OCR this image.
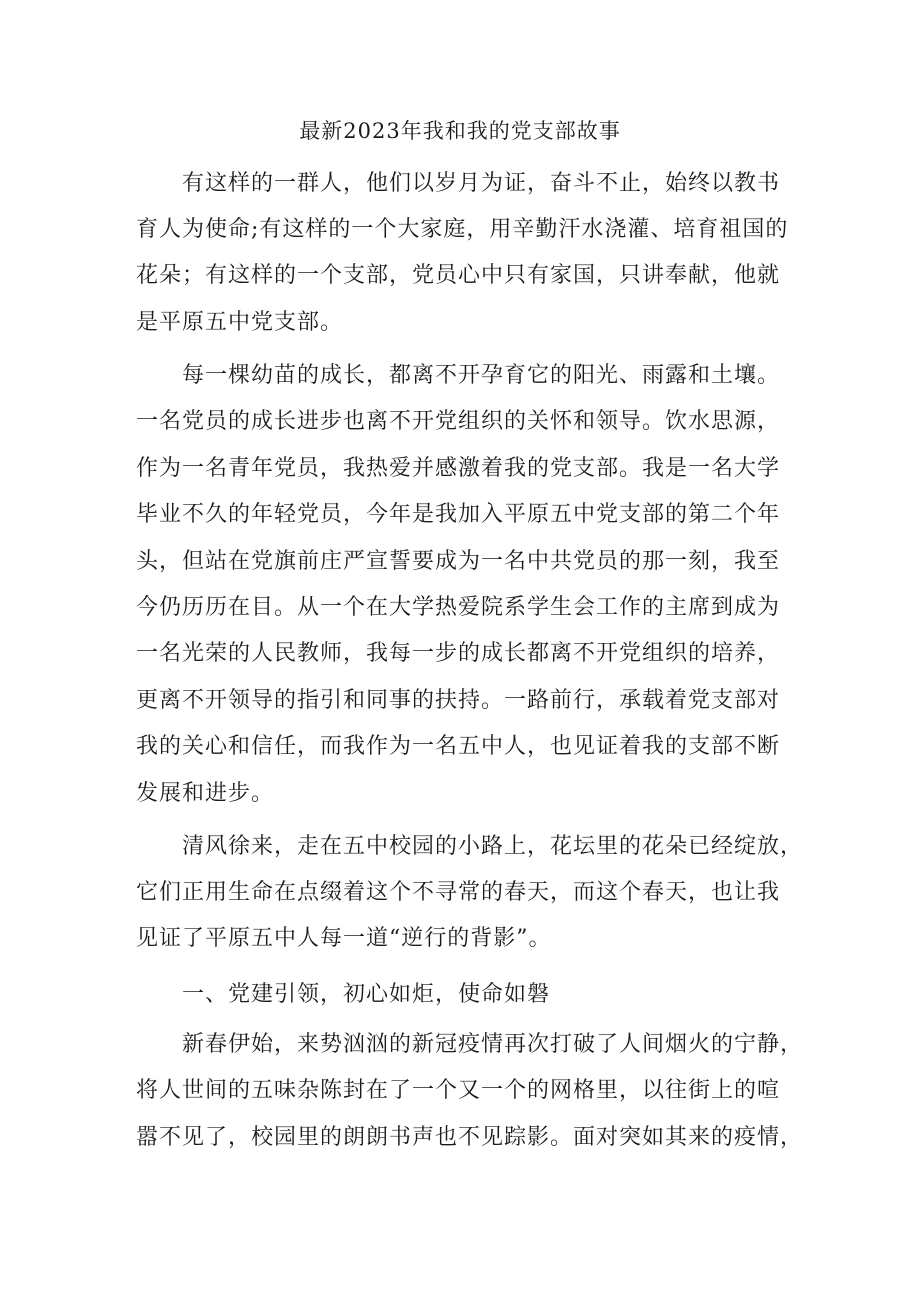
最新2023年我和我的党支部故事
有这样的一群人，他们以岁月为证，奋斗不止，始终以教书
育人为使命;有这样的一个大家庭，用辛勤汗水浇灌、培育祖国的
花朵；有这样的一个支部，党员心中只有家国，只讲奉献，他就
是平原五中党支部。
每一棵幼苗的成长，都离不开孕育它的阳光、雨露和土壤。
一名党员的成长进步也离不开党组织的关怀和领导。饮水思源，
作为一名青年党员，我热爱并感激着我的党支部。我是一名大学
毕业不久的年轻党员，今年是我加入平原五中党支部的第二个年
头，但站在党旗前庄严宣誓要成为一名中共党员的那一刻，我至
今仍历历在目。从一个在大学热爱院系学生会工作的主席到成为
一名光荣的人民教师，我每一步的成长都离不开党组织的培养，
更离不开领导的指引和同事的扶持。一路前行，承载着党支部对
我的关心和信任，而我作为一名五中人，也见证着我的支部不断
发展和进步。
清风徐来，走在五中校园的小路上，花坛里的花朵已经绽放，
它们正用生命在点缀着这个不寻常的春天，而这个春天，也让我
见证了平原五中人每一道“逆行的背影”。
一、党建引领，初心如炬，使命如磐
新春伊始，来势汹汹的新冠疫情再次打破了人间烟火的宁静，
将人世间的五味杂陈封在了一个又一个的网格里，以往街上的喧
嚣不见了，校园里的朗朗书声也不见踪影。面对突如其来的疫情，
